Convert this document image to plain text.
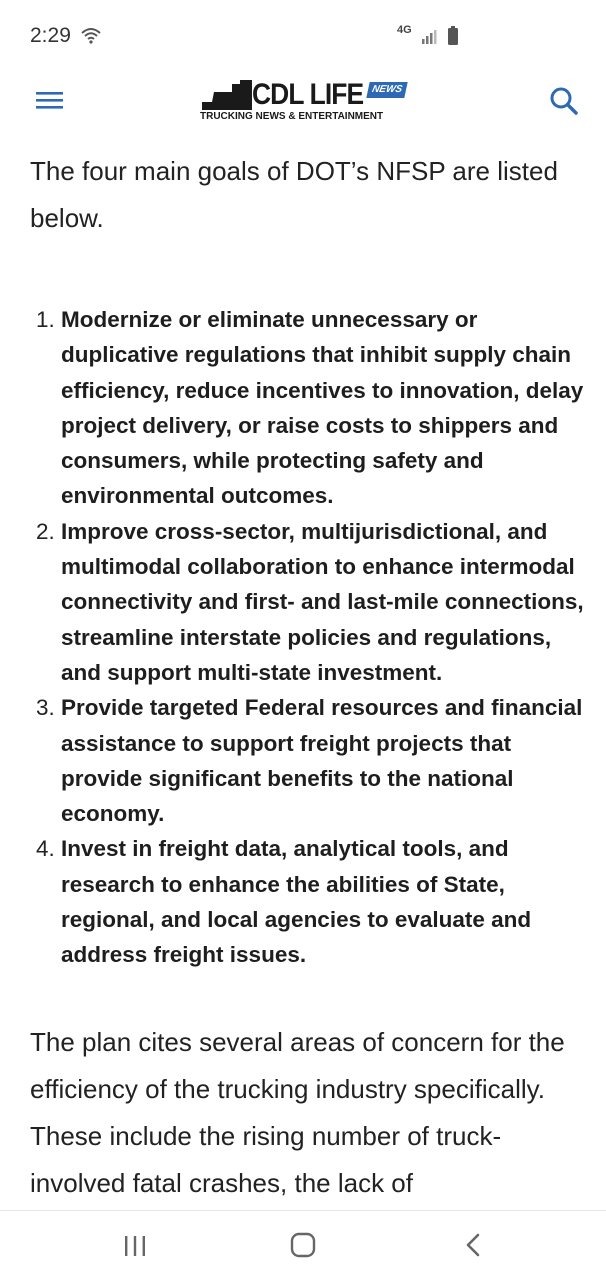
2:29	4G
CDL LIFE NEWS
TRUCKING NEWS & ENTERTAINMENT

The four main goals of DOT’s NFSP are listed below.

1. Modernize or eliminate unnecessary or duplicative regulations that inhibit supply chain efficiency, reduce incentives to innovation, delay project delivery, or raise costs to shippers and consumers, while protecting safety and environmental outcomes.
2. Improve cross-sector, multijurisdictional, and multimodal collaboration to enhance intermodal connectivity and first- and last-mile connections, streamline interstate policies and regulations, and support multi-state investment.
3. Provide targeted Federal resources and financial assistance to support freight projects that provide significant benefits to the national economy.
4. Invest in freight data, analytical tools, and research to enhance the abilities of State, regional, and local agencies to evaluate and address freight issues.

The plan cites several areas of concern for the efficiency of the trucking industry specifically. These include the rising number of truck-involved fatal crashes, the lack of
